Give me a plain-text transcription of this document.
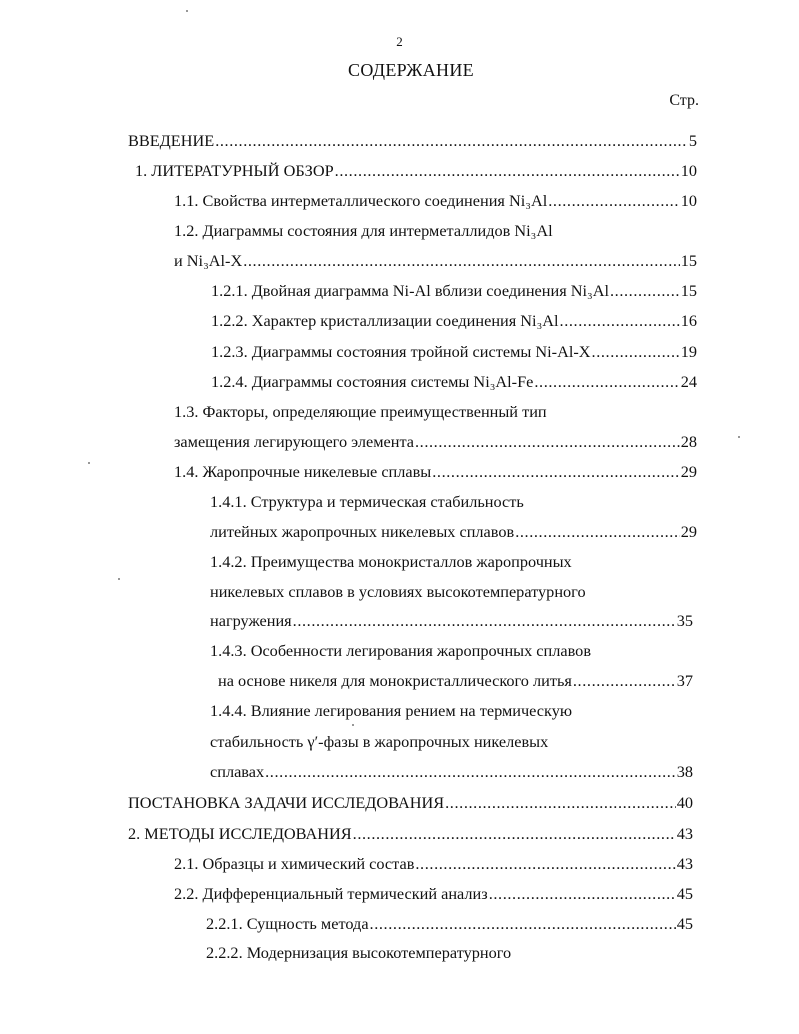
2
СОДЕРЖАНИЕ
Стр.
ВВЕДЕНИЕ .....	5
1. ЛИТЕРАТУРНЫЙ ОБЗОР .....	10
1.1. Свойства интерметаллического соединения Ni₃Al .....	10
1.2. Диаграммы состояния для интерметаллидов Ni₃Al
и Ni₃Al-X .....	15
1.2.1. Двойная диаграмма Ni-Al вблизи соединения Ni₃Al .....	15
1.2.2. Характер кристаллизации соединения Ni₃Al .....	16
1.2.3. Диаграммы состояния тройной системы Ni-Al-X .....	19
1.2.4. Диаграммы состояния системы Ni₃Al-Fe .....	24
1.3. Факторы, определяющие преимущественный тип
замещения легирующего элемента .....	28
1.4. Жаропрочные никелевые сплавы .....	29
1.4.1. Структура и термическая стабильность
литейных жаропрочных никелевых сплавов .....	29
1.4.2. Преимущества монокристаллов жаропрочных
никелевых сплавов в условиях высокотемпературного
нагружения .....	35
1.4.3. Особенности легирования жаропрочных сплавов
на основе никеля для монокристаллического литья .....	37
1.4.4. Влияние легирования рением на термическую
стабильность γ′-фазы в жаропрочных никелевых
сплавах .....	38
ПОСТАНОВКА ЗАДАЧИ ИССЛЕДОВАНИЯ .....	40
2. МЕТОДЫ ИССЛЕДОВАНИЯ .....	43
2.1. Образцы и химический состав .....	43
2.2. Дифференциальный термический анализ .....	45
2.2.1. Сущность метода .....	45
2.2.2. Модернизация высокотемпературного
